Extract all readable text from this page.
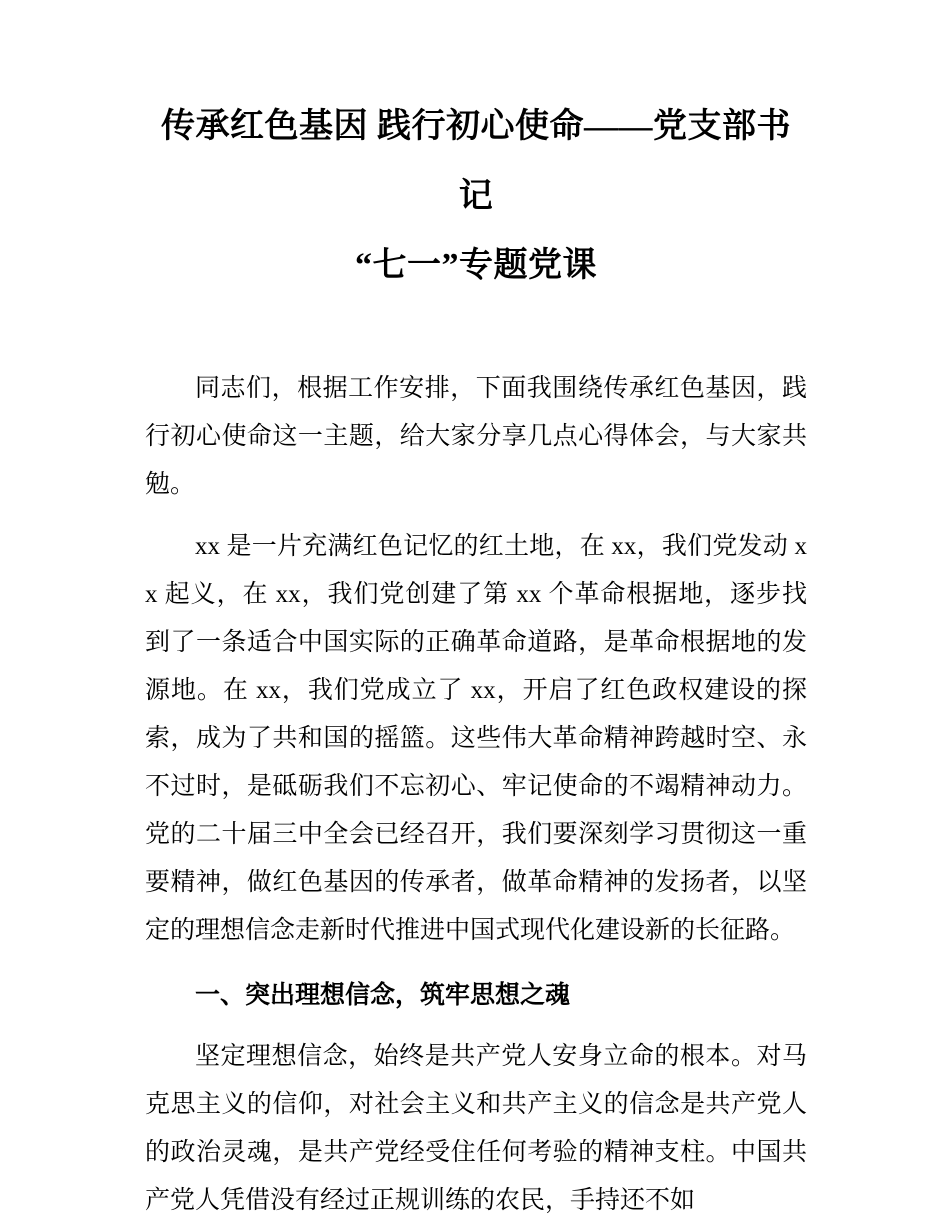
传承红色基因 践行初心使命——党支部书记
“七一”专题党课

同志们，根据工作安排，下面我围绕传承红色基因，践行初心使命这一主题，给大家分享几点心得体会，与大家共勉。

xx 是一片充满红色记忆的红土地，在 xx，我们党发动 xx 起义，在 xx，我们党创建了第 xx 个革命根据地，逐步找到了一条适合中国实际的正确革命道路，是革命根据地的发源地。在 xx，我们党成立了 xx，开启了红色政权建设的探索，成为了共和国的摇篮。这些伟大革命精神跨越时空、永不过时，是砥砺我们不忘初心、牢记使命的不竭精神动力。党的二十届三中全会已经召开，我们要深刻学习贯彻这一重要精神，做红色基因的传承者，做革命精神的发扬者，以坚定的理想信念走新时代推进中国式现代化建设新的长征路。

一、突出理想信念，筑牢思想之魂

坚定理想信念，始终是共产党人安身立命的根本。对马克思主义的信仰，对社会主义和共产主义的信念是共产党人的政治灵魂，是共产党经受住任何考验的精神支柱。中国共产党人凭借没有经过正规训练的农民，手持还不如
